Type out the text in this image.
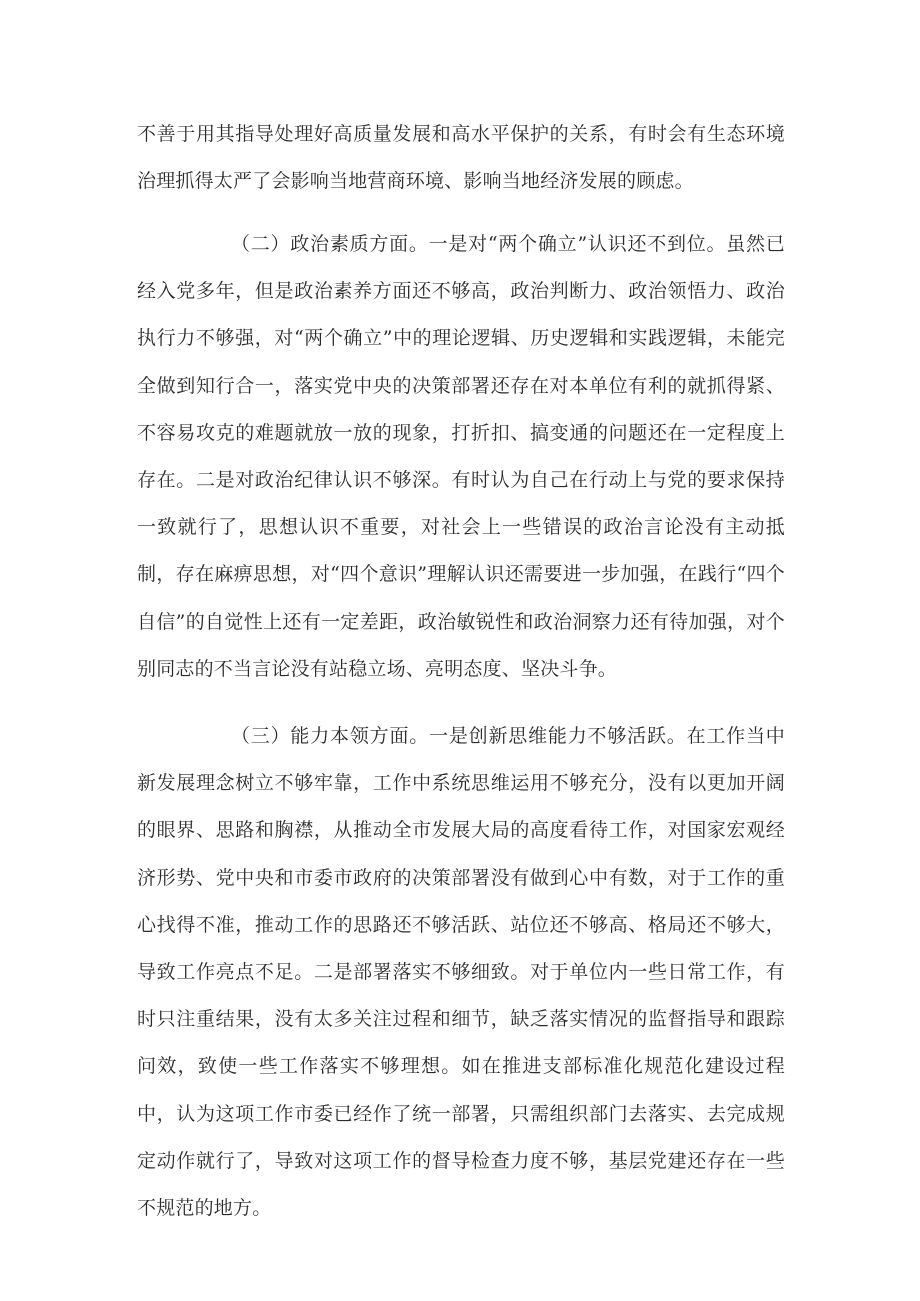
不善于用其指导处理好高质量发展和高水平保护的关系，有时会有生态环境治理抓得太严了会影响当地营商环境、影响当地经济发展的顾虑。

（二）政治素质方面。一是对“两个确立”认识还不到位。虽然已经入党多年，但是政治素养方面还不够高，政治判断力、政治领悟力、政治执行力不够强，对“两个确立”中的理论逻辑、历史逻辑和实践逻辑，未能完全做到知行合一，落实党中央的决策部署还存在对本单位有利的就抓得紧、不容易攻克的难题就放一放的现象，打折扣、搞变通的问题还在一定程度上存在。二是对政治纪律认识不够深。有时认为自己在行动上与党的要求保持一致就行了，思想认识不重要，对社会上一些错误的政治言论没有主动抵制，存在麻痹思想，对“四个意识”理解认识还需要进一步加强，在践行“四个自信”的自觉性上还有一定差距，政治敏锐性和政治洞察力还有待加强，对个别同志的不当言论没有站稳立场、亮明态度、坚决斗争。

（三）能力本领方面。一是创新思维能力不够活跃。在工作当中新发展理念树立不够牢靠，工作中系统思维运用不够充分，没有以更加开阔的眼界、思路和胸襟，从推动全市发展大局的高度看待工作，对国家宏观经济形势、党中央和市委市政府的决策部署没有做到心中有数，对于工作的重心找得不准，推动工作的思路还不够活跃、站位还不够高、格局还不够大，导致工作亮点不足。二是部署落实不够细致。对于单位内一些日常工作，有时只注重结果，没有太多关注过程和细节，缺乏落实情况的监督指导和跟踪问效，致使一些工作落实不够理想。如在推进支部标准化规范化建设过程中，认为这项工作市委已经作了统一部署，只需组织部门去落实、去完成规定动作就行了，导致对这项工作的督导检查力度不够，基层党建还存在一些不规范的地方。
